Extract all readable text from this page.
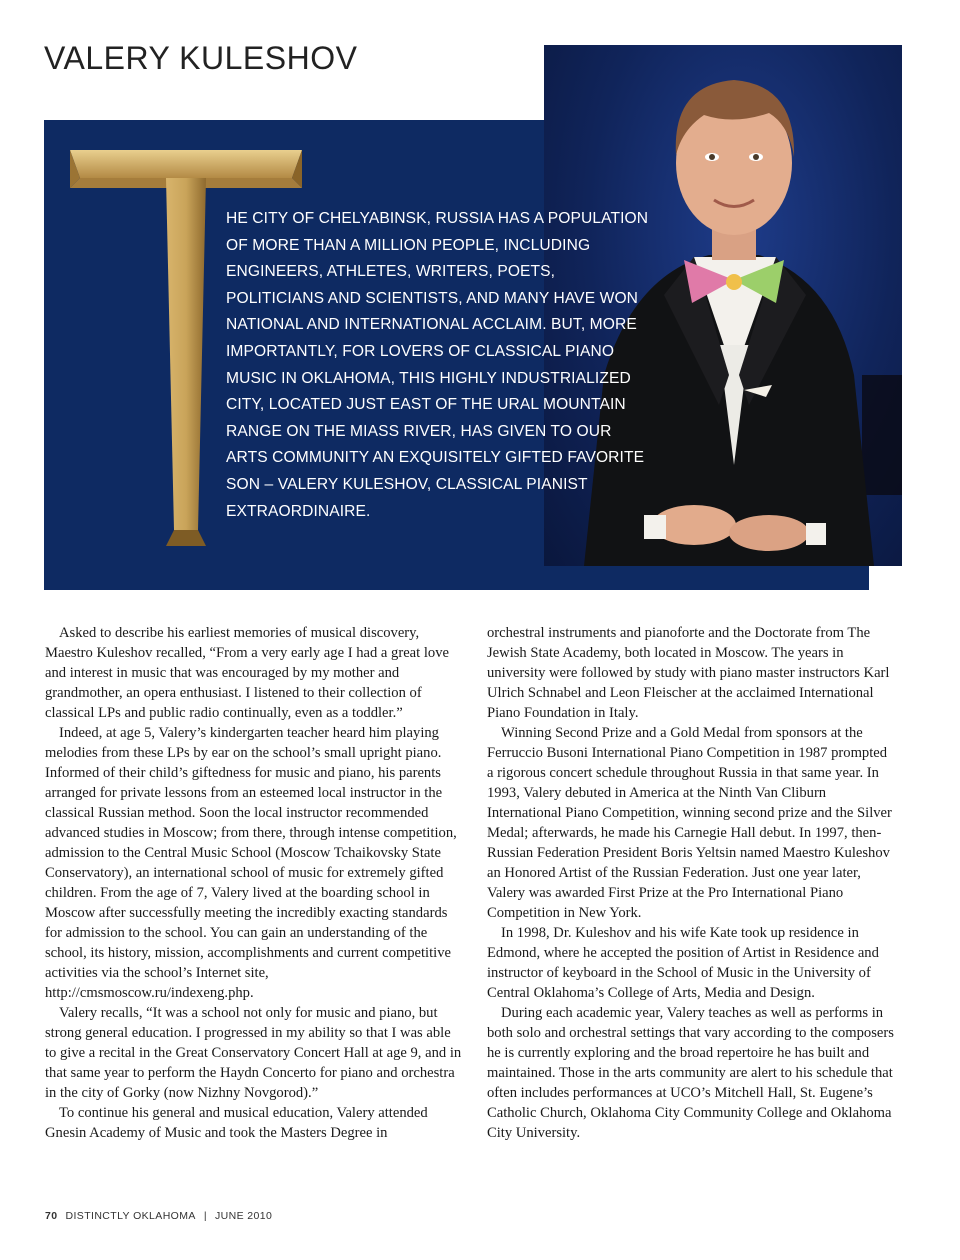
VALERY KULESHOV
T
HE CITY OF CHELYABINSK, RUSSIA HAS A POPULATION OF MORE THAN A MILLION PEOPLE, INCLUDING ENGINEERS, ATHLETES, WRITERS, POETS, POLITICIANS AND SCIENTISTS, AND MANY HAVE WON NATIONAL AND INTERNATIONAL ACCLAIM. BUT, MORE IMPORTANTLY, FOR LOVERS OF CLASSICAL PIANO MUSIC IN OKLAHOMA, THIS HIGHLY INDUSTRIALIZED CITY, LOCATED JUST EAST OF THE URAL MOUNTAIN RANGE ON THE MIASS RIVER, HAS GIVEN TO OUR ARTS COMMUNITY AN EXQUISITELY GIFTED FAVORITE SON – VALERY KULESHOV, CLASSICAL PIANIST EXTRAORDINAIRE.

Asked to describe his earliest memories of musical discovery, Maestro Kuleshov recalled, “From a very early age I had a great love and interest in music that was encouraged by my mother and grandmother, an opera enthusiast. I listened to their collection of classical LPs and public radio continually, even as a toddler.”

Indeed, at age 5, Valery’s kindergarten teacher heard him playing melodies from these LPs by ear on the school’s small upright piano. Informed of their child’s giftedness for music and piano, his parents arranged for private lessons from an esteemed local instructor in the classical Russian method. Soon the local instructor recommended advanced studies in Moscow; from there, through intense competition, admission to the Central Music School (Moscow Tchaikovsky State Conservatory), an international school of music for extremely gifted children. From the age of 7, Valery lived at the boarding school in Moscow after successfully meeting the incredibly exacting standards for admission to the school. You can gain an understanding of the school, its history, mission, accomplishments and current competitive activities via the school’s Internet site, http://cmsmoscow.ru/indexeng.php.

Valery recalls, “It was a school not only for music and piano, but strong general education. I progressed in my ability so that I was able to give a recital in the Great Conservatory Concert Hall at age 9, and in that same year to perform the Haydn Concerto for piano and orchestra in the city of Gorky (now Nizhny Novgorod).”

To continue his general and musical education, Valery attended Gnesin Academy of Music and took the Masters Degree in

orchestral instruments and pianoforte and the Doctorate from The Jewish State Academy, both located in Moscow. The years in university were followed by study with piano master instructors Karl Ulrich Schnabel and Leon Fleischer at the acclaimed International Piano Foundation in Italy.

Winning Second Prize and a Gold Medal from sponsors at the Ferruccio Busoni International Piano Competition in 1987 prompted a rigorous concert schedule throughout Russia in that same year. In 1993, Valery debuted in America at the Ninth Van Cliburn International Piano Competition, winning second prize and the Silver Medal; afterwards, he made his Carnegie Hall debut. In 1997, then-Russian Federation President Boris Yeltsin named Maestro Kuleshov an Honored Artist of the Russian Federation. Just one year later, Valery was awarded First Prize at the Pro International Piano Competition in New York.

In 1998, Dr. Kuleshov and his wife Kate took up residence in Edmond, where he accepted the position of Artist in Residence and instructor of keyboard in the School of Music in the University of Central Oklahoma’s College of Arts, Media and Design.

During each academic year, Valery teaches as well as performs in both solo and orchestral settings that vary according to the composers he is currently exploring and the broad repertoire he has built and maintained. Those in the arts community are alert to his schedule that often includes performances at UCO’s Mitchell Hall, St. Eugene’s Catholic Church, Oklahoma City Community College and Oklahoma City University.

70 DISTINCTLY OKLAHOMA | JUNE 2010
